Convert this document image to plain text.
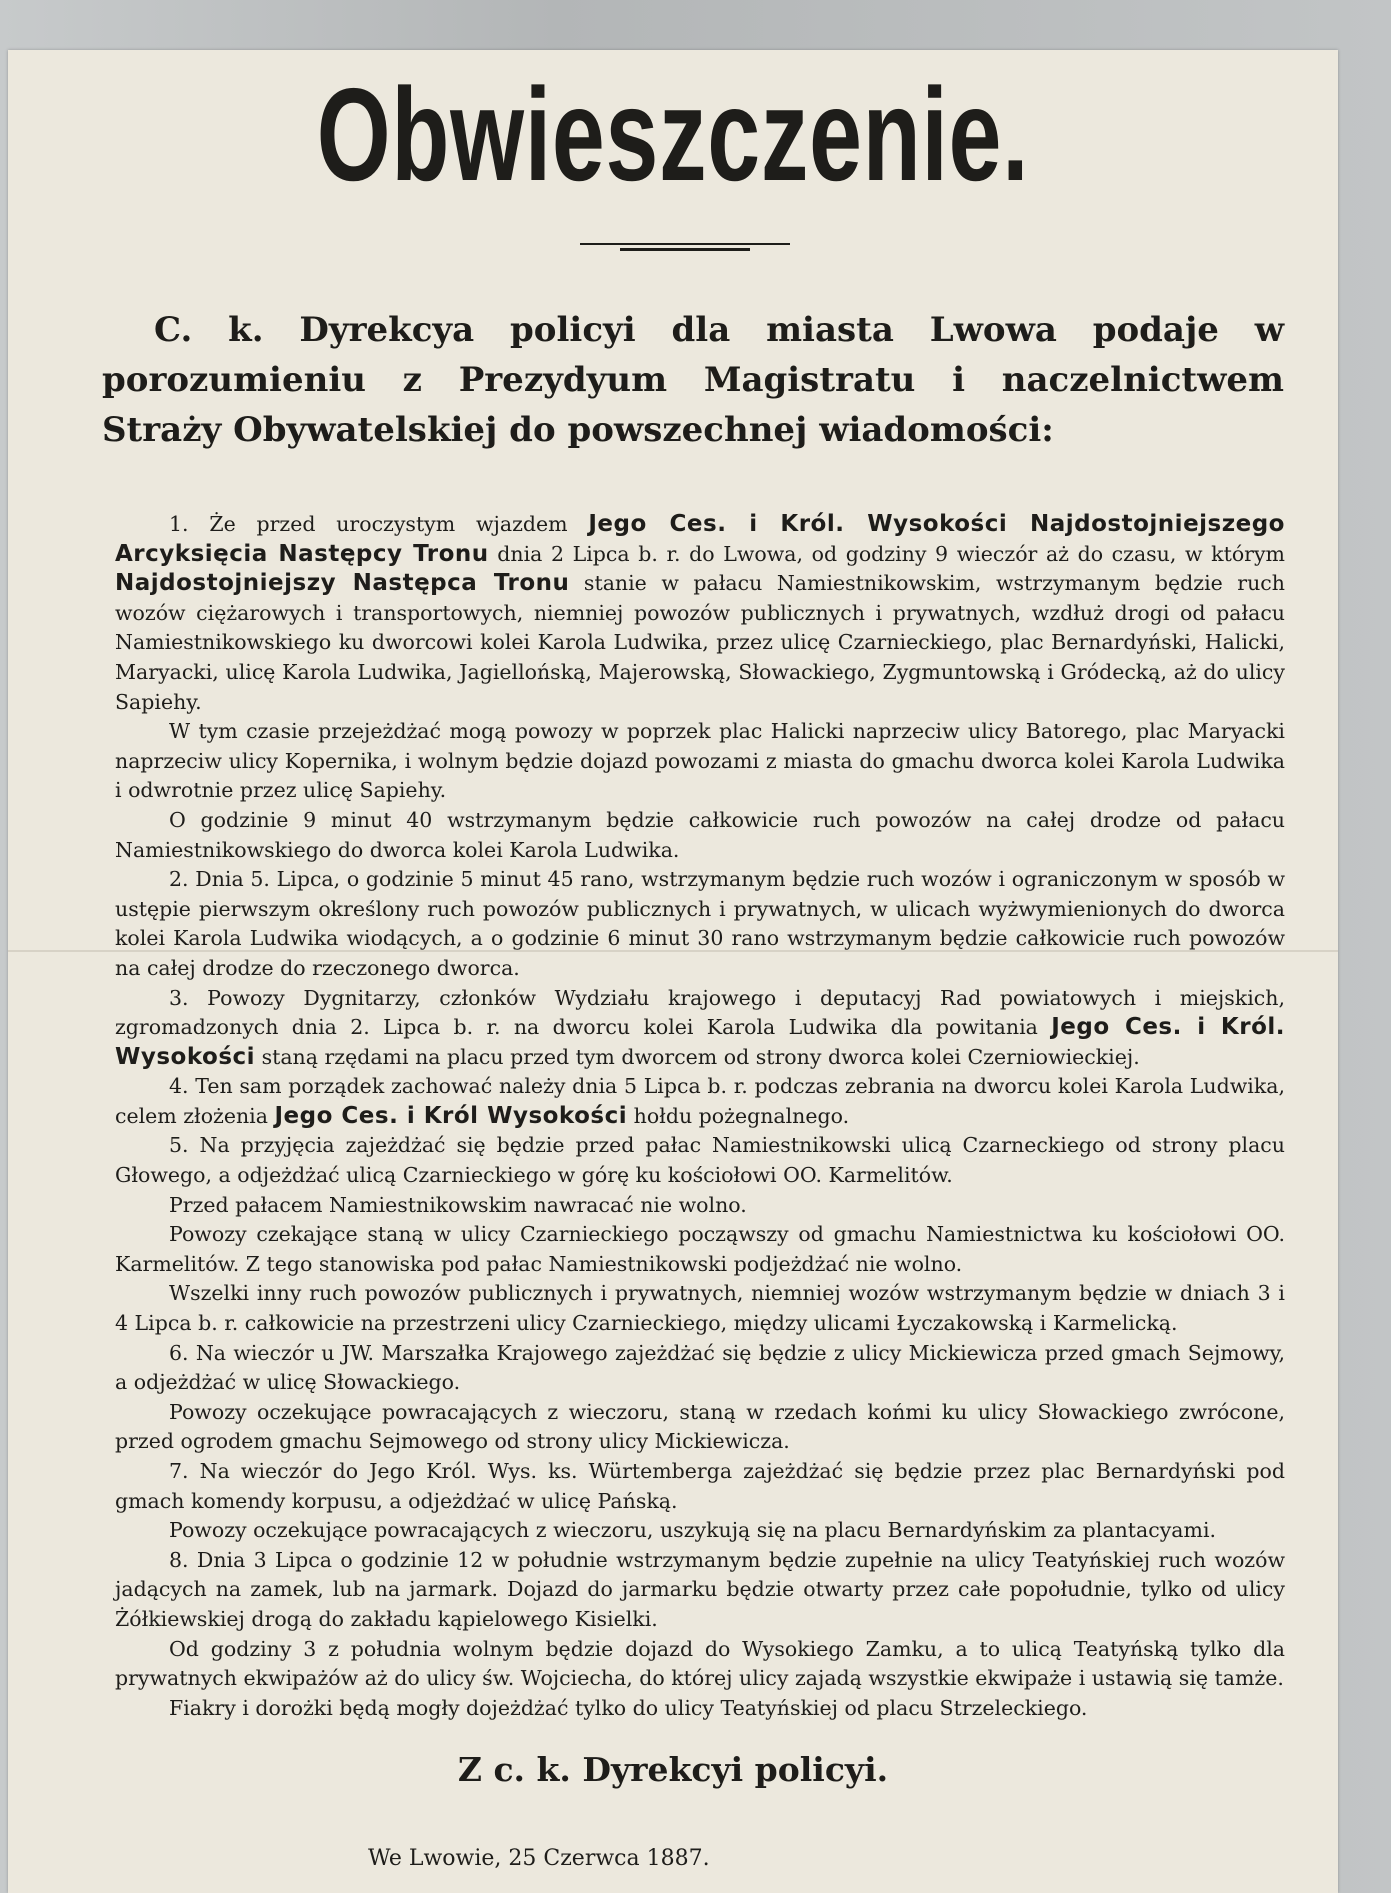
Obwieszczenie.
C. k. Dyrekcya policyi dla miasta Lwowa podaje w porozumieniu z Prezydyum Magistratu i naczelnictwem Straży Obywatelskiej do powszechnej wiadomości:

1. Że przed uroczystym wjazdem Jego Ces. i Król. Wysokości Najdostojniejszego Arcyksięcia Następcy Tronu dnia 2 Lipca b. r. do Lwowa, od godziny 9 wieczór aż do czasu, w którym Najdostojniejszy Następca Tronu stanie w pałacu Namiestnikowskim, wstrzymanym będzie ruch wozów ciężarowych i transportowych, niemniej powozów publicznych i prywatnych, wzdłuż drogi od pałacu Namiestnikowskiego ku dworcowi kolei Karola Ludwika, przez ulicę Czarnieckiego, plac Bernardyński, Halicki, Maryacki, ulicę Karola Ludwika, Jagiellońską, Majerowską, Słowackiego, Zygmuntowską i Gródecką, aż do ulicy Sapiehy.

W tym czasie przejeżdżać mogą powozy w poprzek plac Halicki naprzeciw ulicy Batorego, plac Maryacki naprzeciw ulicy Kopernika, i wolnym będzie dojazd powozami z miasta do gmachu dworca kolei Karola Ludwika i odwrotnie przez ulicę Sapiehy.

O godzinie 9 minut 40 wstrzymanym będzie całkowicie ruch powozów na całej drodze od pałacu Namiestnikowskiego do dworca kolei Karola Ludwika.

2. Dnia 5. Lipca, o godzinie 5 minut 45 rano, wstrzymanym będzie ruch wozów i ograniczonym w sposób w ustępie pierwszym określony ruch powozów publicznych i prywatnych, w ulicach wyżwymienionych do dworca kolei Karola Ludwika wiodących, a o godzinie 6 minut 30 rano wstrzymanym będzie całkowicie ruch powozów na całej drodze do rzeczonego dworca.

3. Powozy Dygnitarzy, członków Wydziału krajowego i deputacyj Rad powiatowych i miejskich, zgromadzonych dnia 2. Lipca b. r. na dworcu kolei Karola Ludwika dla powitania Jego Ces. i Król. Wysokości staną rzędami na placu przed tym dworcem od strony dworca kolei Czerniowieckiej.

4. Ten sam porządek zachować należy dnia 5 Lipca b. r. podczas zebrania na dworcu kolei Karola Ludwika, celem złożenia Jego Ces. i Król Wysokości hołdu pożegnalnego.

5. Na przyjęcia zajeżdżać się będzie przed pałac Namiestnikowski ulicą Czarneckiego od strony placu Głowego, a odjeżdżać ulicą Czarnieckiego w górę ku kościołowi OO. Karmelitów.

Przed pałacem Namiestnikowskim nawracać nie wolno.

Powozy czekające staną w ulicy Czarnieckiego począwszy od gmachu Namiestnictwa ku kościołowi OO. Karmelitów. Z tego stanowiska pod pałac Namiestnikowski podjeżdżać nie wolno.

Wszelki inny ruch powozów publicznych i prywatnych, niemniej wozów wstrzymanym będzie w dniach 3 i 4 Lipca b. r. całkowicie na przestrzeni ulicy Czarnieckiego, między ulicami Łyczakowską i Karmelicką.

6. Na wieczór u JW. Marszałka Krajowego zajeżdżać się będzie z ulicy Mickiewicza przed gmach Sejmowy, a odjeżdżać w ulicę Słowackiego.

Powozy oczekujące powracających z wieczoru, staną w rzedach końmi ku ulicy Słowackiego zwrócone, przed ogrodem gmachu Sejmowego od strony ulicy Mickiewicza.

7. Na wieczór do Jego Król. Wys. ks. Würtemberga zajeżdżać się będzie przez plac Bernardyński pod gmach komendy korpusu, a odjeżdżać w ulicę Pańską.

Powozy oczekujące powracających z wieczoru, uszykują się na placu Bernardyńskim za plantacyami.

8. Dnia 3 Lipca o godzinie 12 w południe wstrzymanym będzie zupełnie na ulicy Teatyńskiej ruch wozów jadących na zamek, lub na jarmark. Dojazd do jarmarku będzie otwarty przez całe popołudnie, tylko od ulicy Żółkiewskiej drogą do zakładu kąpielowego Kisielki.

Od godziny 3 z południa wolnym będzie dojazd do Wysokiego Zamku, a to ulicą Teatyńską tylko dla prywatnych ekwipażów aż do ulicy św. Wojciecha, do której ulicy zajadą wszystkie ekwipaże i ustawią się tamże.

Fiakry i dorożki będą mogły dojeżdżać tylko do ulicy Teatyńskiej od placu Strzeleckiego.

Z c. k. Dyrekcyi policyi.
We Lwowie, 25 Czerwca 1887.
